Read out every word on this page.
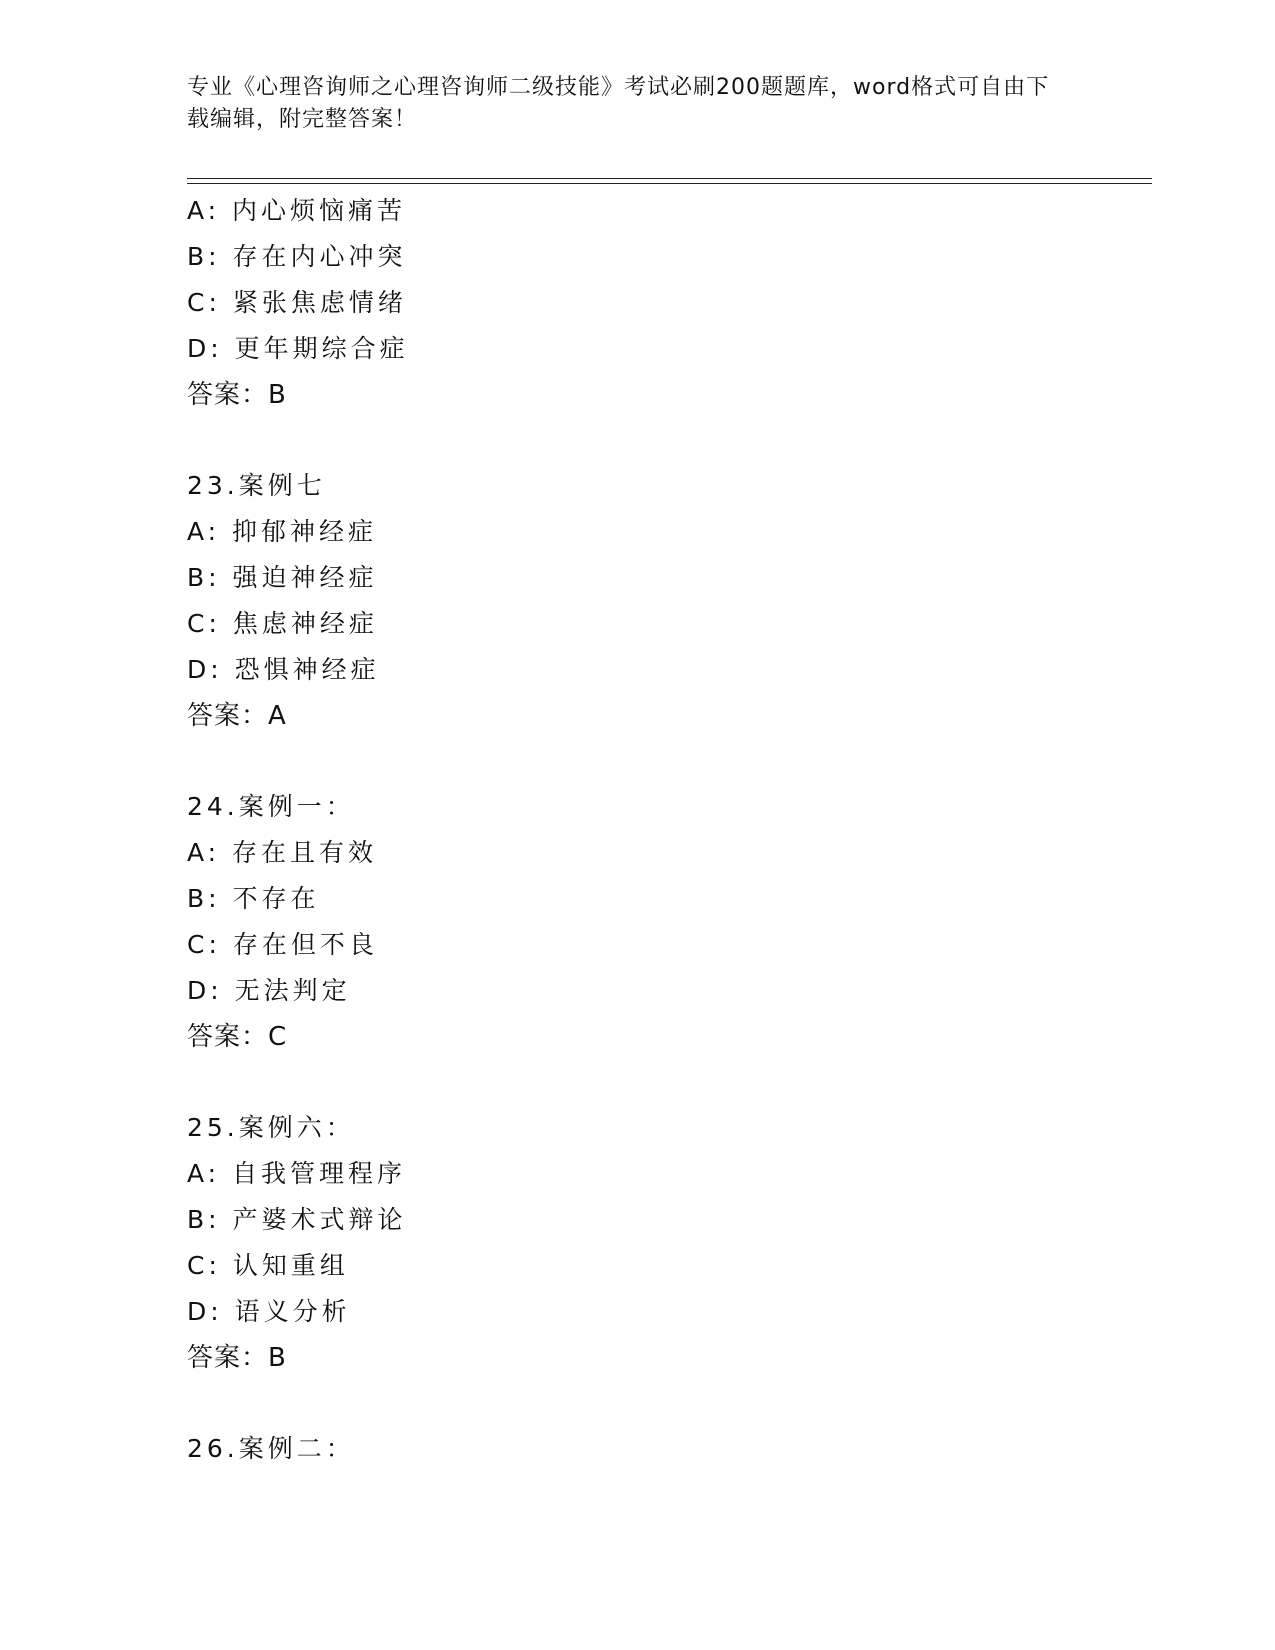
专业《心理咨询师之心理咨询师二级技能》考试必刷200题题库，word格式可自由下载编辑，附完整答案！
A: 内心烦恼痛苦
B: 存在内心冲突
C: 紧张焦虑情绪
D: 更年期综合症
答案：B
23.案例七
A: 抑郁神经症
B: 强迫神经症
C: 焦虑神经症
D: 恐惧神经症
答案：A
24.案例一：
A: 存在且有效
B: 不存在
C: 存在但不良
D: 无法判定
答案：C
25.案例六：
A: 自我管理程序
B: 产婆术式辩论
C: 认知重组
D: 语义分析
答案：B
26.案例二：
